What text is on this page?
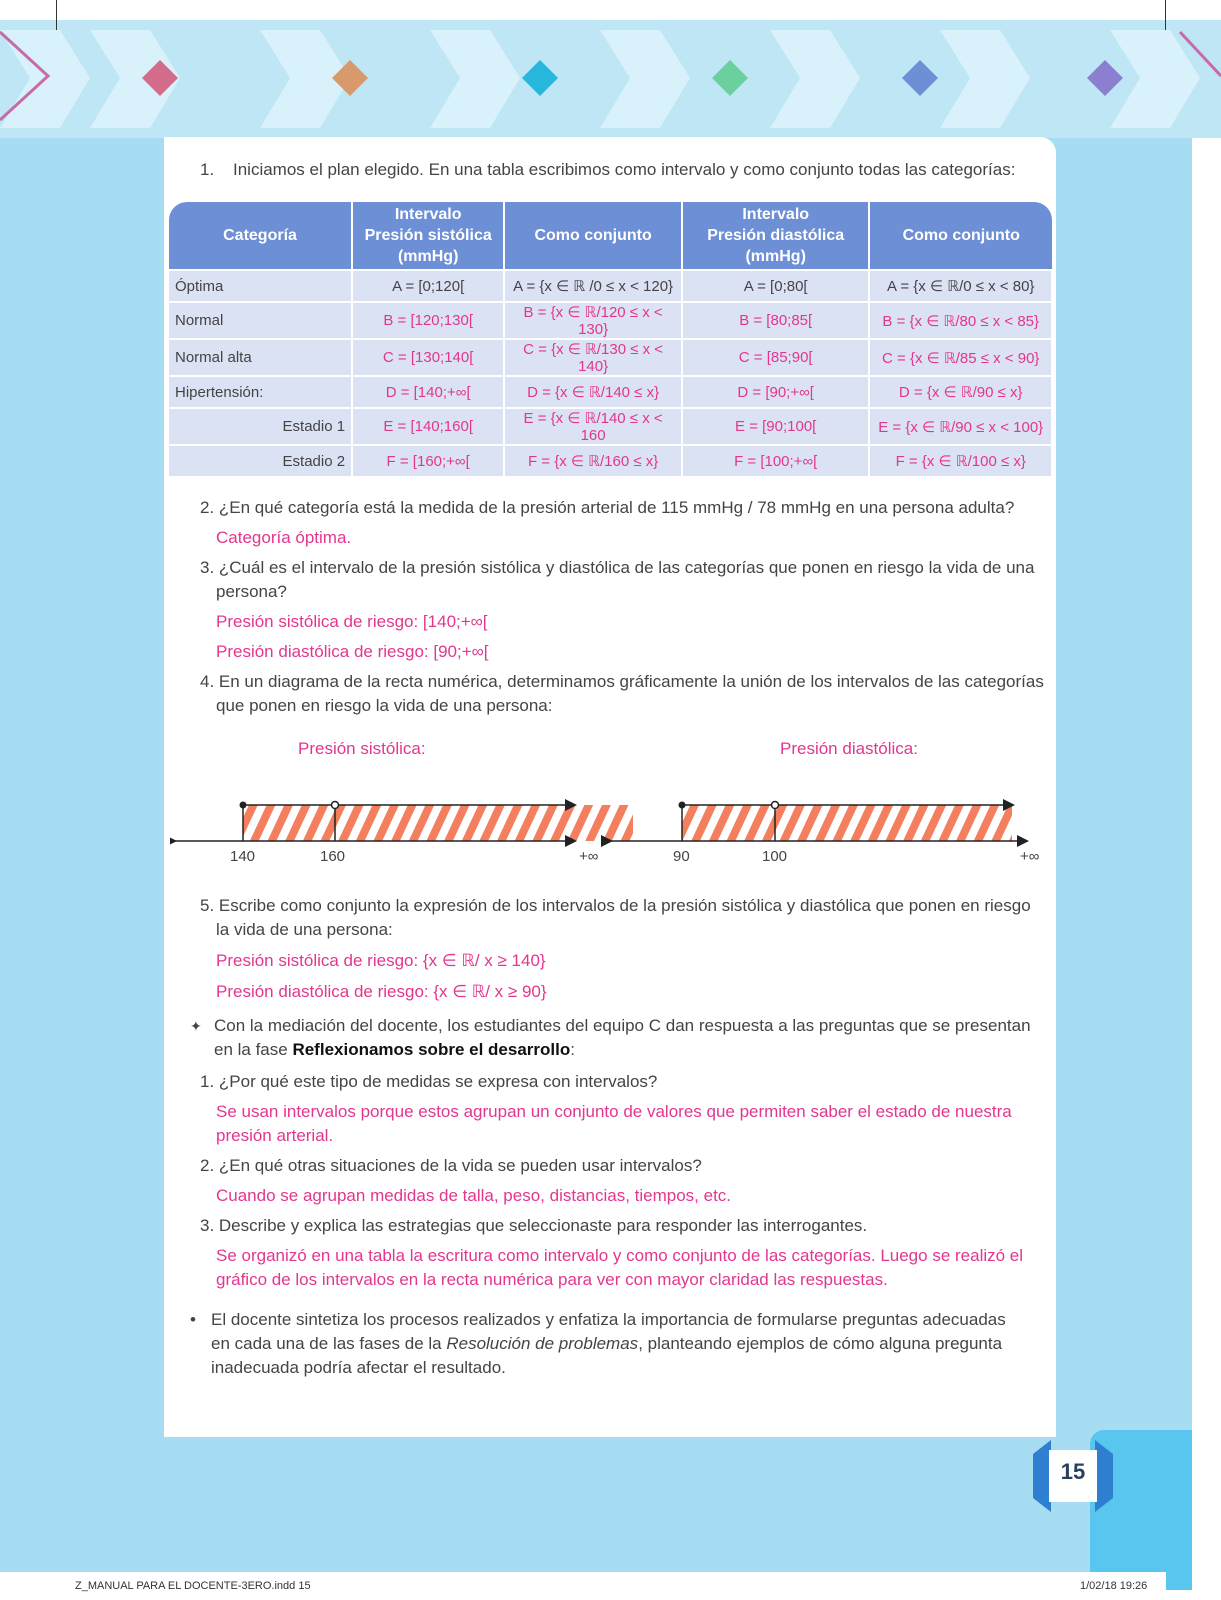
15
1. Iniciamos el plan elegido. En una tabla escribimos como intervalo y como conjunto todas las categorías:
Categoría	Intervalo
Presión sistólica
(mmHg)	Como conjunto	Intervalo
Presión diastólica
(mmHg)	Como conjunto
Óptima	A = [0;120[	A = {x ∈ ℝ /0 ≤ x < 120}	A = [0;80[	A = {x ∈ ℝ/0 ≤ x < 80}
Normal	B = [120;130[	B = {x ∈ ℝ/120 ≤ x < 130}	B = [80;85[	B = {x ∈ ℝ/80 ≤ x < 85}
Normal alta	C = [130;140[	C = {x ∈ ℝ/130 ≤ x < 140}	C = [85;90[	C = {x ∈ ℝ/85 ≤ x < 90}
Hipertensión:	D = [140;+∞[	D = {x ∈ ℝ/140 ≤ x}	D = [90;+∞[	D = {x ∈ ℝ/90 ≤ x}
Estadio 1	E = [140;160[	E = {x ∈ ℝ/140 ≤ x < 160	E = [90;100[	E = {x ∈ ℝ/90 ≤ x < 100}
Estadio 2	F = [160;+∞[	F = {x ∈ ℝ/160 ≤ x}	F = [100;+∞[	F = {x ∈ ℝ/100 ≤ x}
2. ¿En qué categoría está la medida de la presión arterial de 115 mmHg / 78 mmHg en una persona adulta?
Categoría óptima.
3. ¿Cuál es el intervalo de la presión sistólica y diastólica de las categorías que ponen en riesgo la vida de una
persona?
Presión sistólica de riesgo: [140;+∞[
Presión diastólica de riesgo: [90;+∞[
4. En un diagrama de la recta numérica, determinamos gráficamente la unión de los intervalos de las categorías
que ponen en riesgo la vida de una persona:
Presión sistólica:	Presión diastólica:
140	160	+∞	90	100	+∞
5. Escribe como conjunto la expresión de los intervalos de la presión sistólica y diastólica que ponen en riesgo
la vida de una persona:
Presión sistólica de riesgo: {x ∈ ℝ/ x ≥ 140}
Presión diastólica de riesgo: {x ∈ ℝ/ x ≥ 90}
✦ Con la mediación del docente, los estudiantes del equipo C dan respuesta a las preguntas que se presentan
en la fase Reflexionamos sobre el desarrollo:
1. ¿Por qué este tipo de medidas se expresa con intervalos?
Se usan intervalos porque estos agrupan un conjunto de valores que permiten saber el estado de nuestra
presión arterial.
2. ¿En qué otras situaciones de la vida se pueden usar intervalos?
Cuando se agrupan medidas de talla, peso, distancias, tiempos, etc.
3. Describe y explica las estrategias que seleccionaste para responder las interrogantes.
Se organizó en una tabla la escritura como intervalo y como conjunto de las categorías. Luego se realizó el
gráfico de los intervalos en la recta numérica para ver con mayor claridad las respuestas.
• El docente sintetiza los procesos realizados y enfatiza la importancia de formularse preguntas adecuadas
en cada una de las fases de la Resolución de problemas, planteando ejemplos de cómo alguna pregunta
inadecuada podría afectar el resultado.
Z_MANUAL PARA EL DOCENTE-3ERO.indd 15	1/02/18 19:26
